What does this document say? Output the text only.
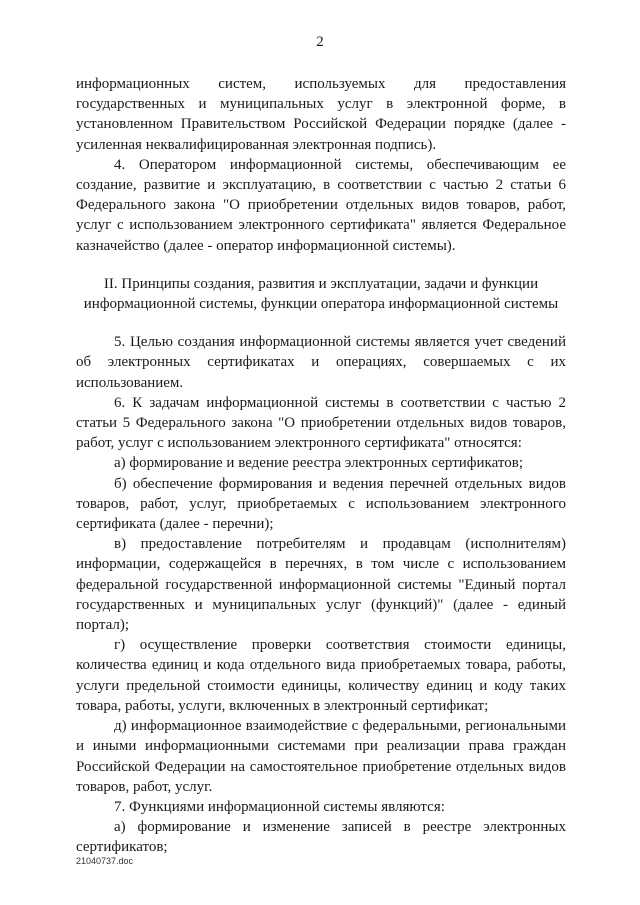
2

информационных систем, используемых для предоставления государственных и муниципальных услуг в электронной форме, в установленном Правительством Российской Федерации порядке (далее - усиленная неквалифицированная электронная подпись).

4. Оператором информационной системы, обеспечивающим ее создание, развитие и эксплуатацию, в соответствии с частью 2 статьи 6 Федерального закона "О приобретении отдельных видов товаров, работ, услуг с использованием электронного сертификата" является Федеральное казначейство (далее - оператор информационной системы).

II. Принципы создания, развития и эксплуатации, задачи и функции информационной системы, функции оператора информационной системы

5. Целью создания информационной системы является учет сведений об электронных сертификатах и операциях, совершаемых с их использованием.

6. К задачам информационной системы в соответствии с частью 2 статьи 5 Федерального закона "О приобретении отдельных видов товаров, работ, услуг с использованием электронного сертификата" относятся:

а) формирование и ведение реестра электронных сертификатов;

б) обеспечение формирования и ведения перечней отдельных видов товаров, работ, услуг, приобретаемых с использованием электронного сертификата (далее - перечни);

в) предоставление потребителям и продавцам (исполнителям) информации, содержащейся в перечнях, в том числе с использованием федеральной государственной информационной системы "Единый портал государственных и муниципальных услуг (функций)" (далее - единый портал);

г) осуществление проверки соответствия стоимости единицы, количества единиц и кода отдельного вида приобретаемых товара, работы, услуги предельной стоимости единицы, количеству единиц и коду таких товара, работы, услуги, включенных в электронный сертификат;

д) информационное взаимодействие с федеральными, региональными и иными информационными системами при реализации права граждан Российской Федерации на самостоятельное приобретение отдельных видов товаров, работ, услуг.

7. Функциями информационной системы являются:

а) формирование и изменение записей в реестре электронных сертификатов;

21040737.doc
